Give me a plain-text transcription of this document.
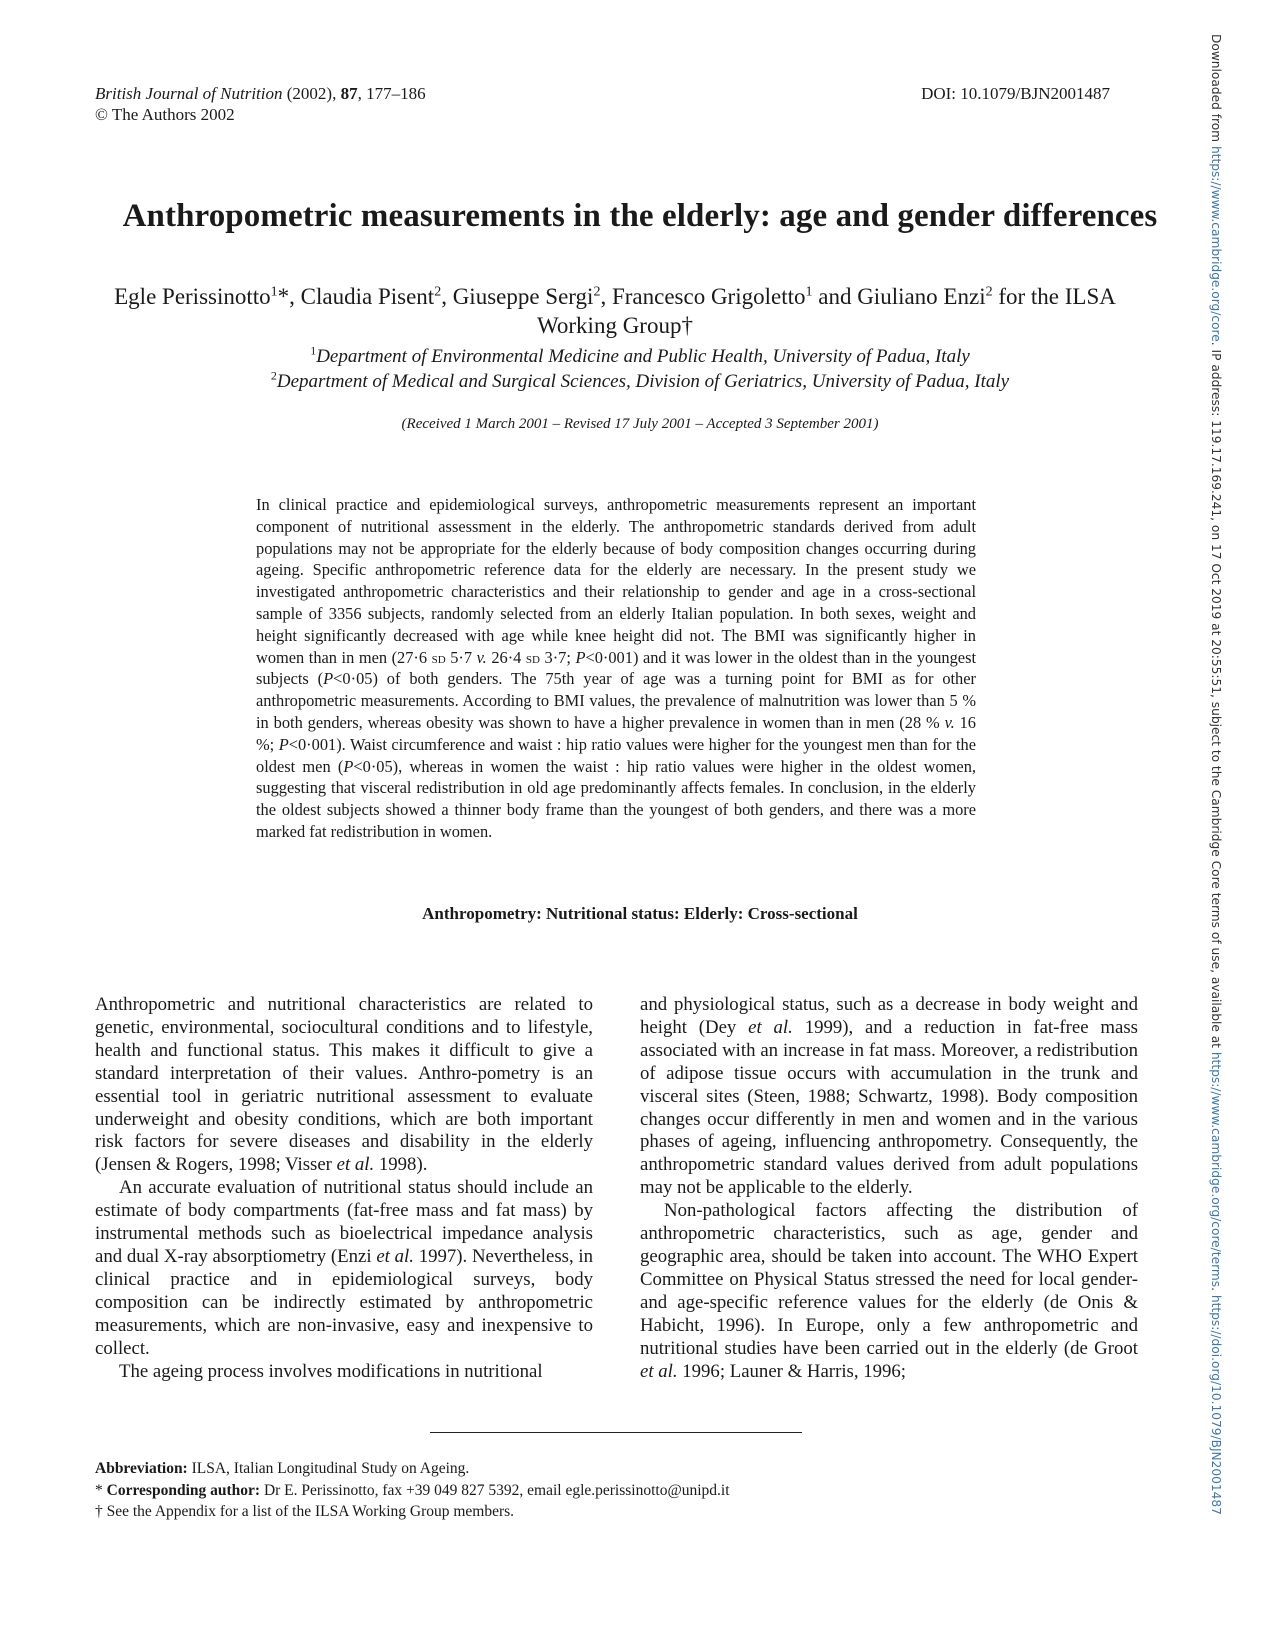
British Journal of Nutrition (2002), 87, 177–186
© The Authors 2002
DOI: 10.1079/BJN2001487
Anthropometric measurements in the elderly: age and gender differences
Egle Perissinotto$^1$*, Claudia Pisent$^2$, Giuseppe Sergi$^2$, Francesco Grigoletto$^1$ and Giuliano Enzi$^2$ for the ILSA Working Group†
$^1$Department of Environmental Medicine and Public Health, University of Padua, Italy
$^2$Department of Medical and Surgical Sciences, Division of Geriatrics, University of Padua, Italy
(Received 1 March 2001 – Revised 17 July 2001 – Accepted 3 September 2001)
In clinical practice and epidemiological surveys, anthropometric measurements represent an important component of nutritional assessment in the elderly. The anthropometric standards derived from adult populations may not be appropriate for the elderly because of body composition changes occurring during ageing. Specific anthropometric reference data for the elderly are necessary. In the present study we investigated anthropometric characteristics and their relationship to gender and age in a cross-sectional sample of 3356 subjects, randomly selected from an elderly Italian population. In both sexes, weight and height significantly decreased with age while knee height did not. The BMI was significantly higher in women than in men (27·6 sd 5·7 v. 26·4 sd 3·7; P<0·001) and it was lower in the oldest than in the youngest subjects (P<0·05) of both genders. The 75th year of age was a turning point for BMI as for other anthropometric measurements. According to BMI values, the prevalence of malnutrition was lower than 5 % in both genders, whereas obesity was shown to have a higher prevalence in women than in men (28 % v. 16 %; P<0·001). Waist circumference and waist : hip ratio values were higher for the youngest men than for the oldest men (P<0·05), whereas in women the waist : hip ratio values were higher in the oldest women, suggesting that visceral redistribution in old age predominantly affects females. In conclusion, in the elderly the oldest subjects showed a thinner body frame than the youngest of both genders, and there was a more marked fat redistribution in women.
Anthropometry: Nutritional status: Elderly: Cross-sectional

Anthropometric and nutritional characteristics are related to genetic, environmental, sociocultural conditions and to lifestyle, health and functional status. This makes it difficult to give a standard interpretation of their values. Anthro-pometry is an essential tool in geriatric nutritional assessment to evaluate underweight and obesity conditions, which are both important risk factors for severe diseases and disability in the elderly (Jensen & Rogers, 1998; Visser et al. 1998).

An accurate evaluation of nutritional status should include an estimate of body compartments (fat-free mass and fat mass) by instrumental methods such as bioelectrical impedance analysis and dual X-ray absorptiometry (Enzi et al. 1997). Nevertheless, in clinical practice and in epidemiological surveys, body composition can be indirectly estimated by anthropometric measurements, which are non-invasive, easy and inexpensive to collect.

The ageing process involves modifications in nutritional

and physiological status, such as a decrease in body weight and height (Dey et al. 1999), and a reduction in fat-free mass associated with an increase in fat mass. Moreover, a redistribution of adipose tissue occurs with accumulation in the trunk and visceral sites (Steen, 1988; Schwartz, 1998). Body composition changes occur differently in men and women and in the various phases of ageing, influencing anthropometry. Consequently, the anthropometric standard values derived from adult populations may not be applicable to the elderly.

Non-pathological factors affecting the distribution of anthropometric characteristics, such as age, gender and geographic area, should be taken into account. The WHO Expert Committee on Physical Status stressed the need for local gender- and age-specific reference values for the elderly (de Onis & Habicht, 1996). In Europe, only a few anthropometric and nutritional studies have been carried out in the elderly (de Groot et al. 1996; Launer & Harris, 1996;

Abbreviation: ILSA, Italian Longitudinal Study on Ageing.
* Corresponding author: Dr E. Perissinotto, fax +39 049 827 5392, email egle.perissinotto@unipd.it
† See the Appendix for a list of the ILSA Working Group members.
Downloaded from https://www.cambridge.org/core. IP address: 119.17.169.241, on 17 Oct 2019 at 20:55:51, subject to the Cambridge Core terms of use, available at https://www.cambridge.org/core/terms. https://doi.org/10.1079/BJN2001487
